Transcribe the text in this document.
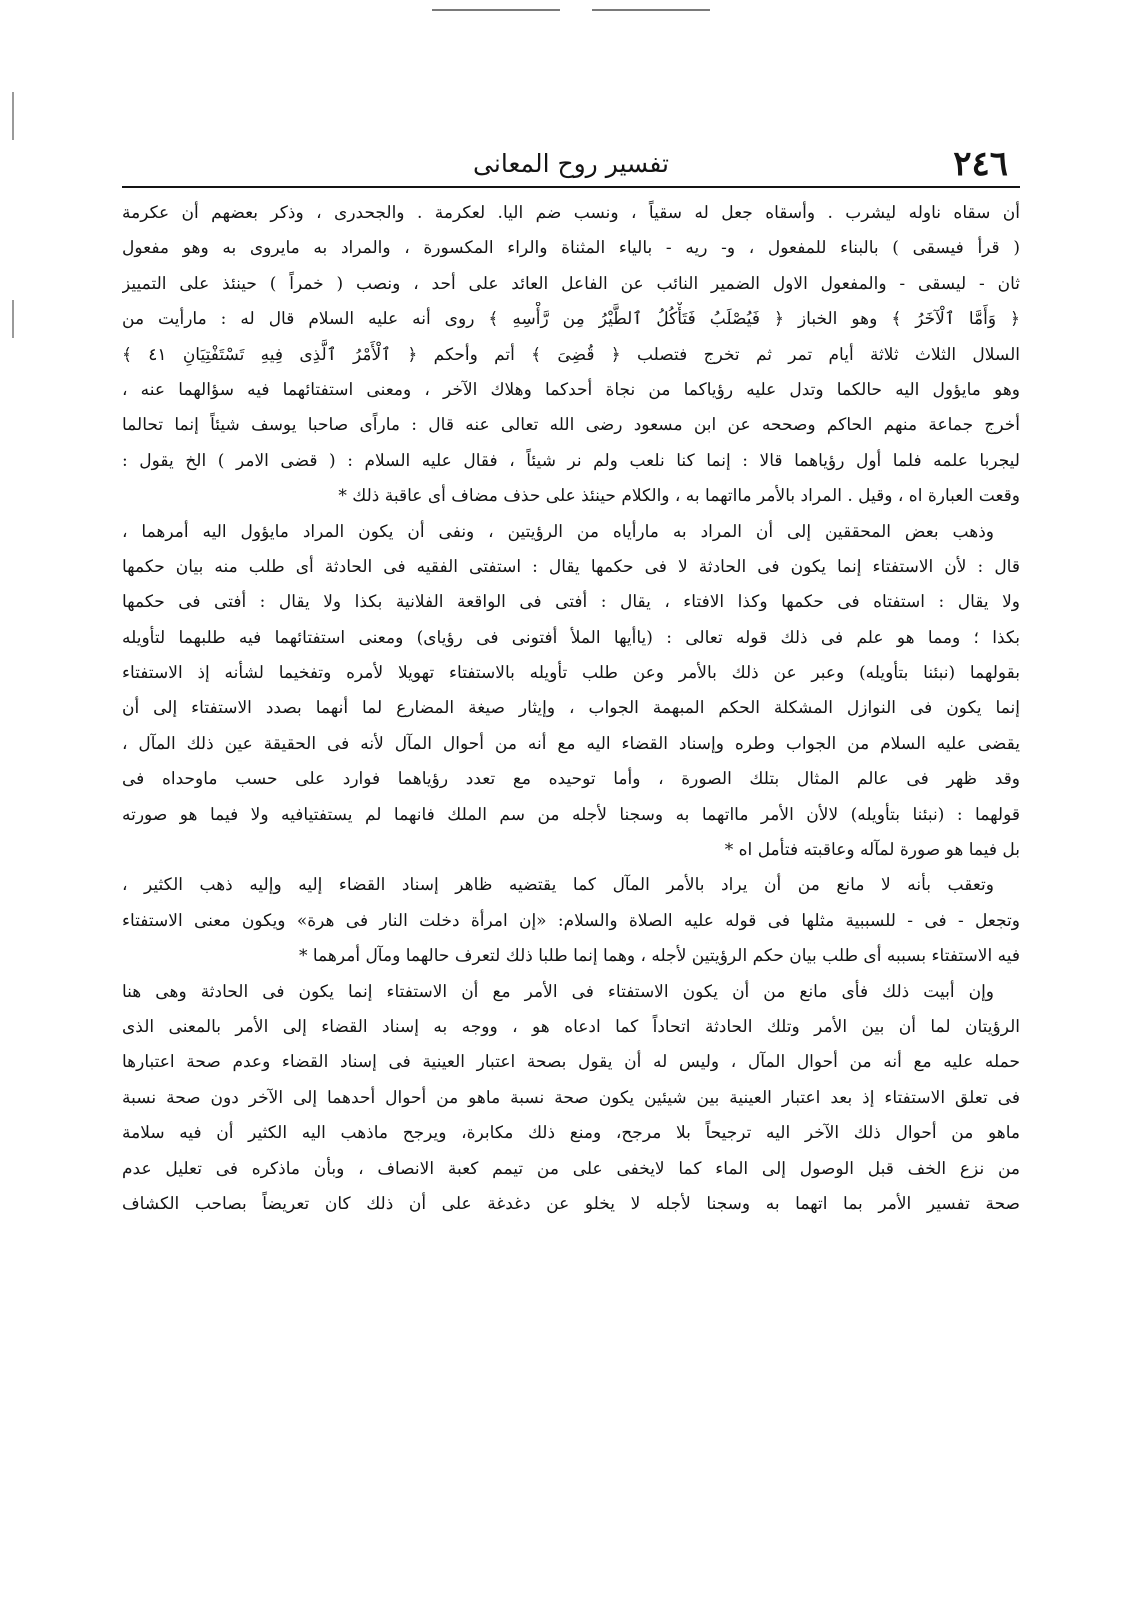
تفسير روح المعانى	٢٤٦
أن سقاه ناوله ليشرب . وأسقاه جعل له سقياً ، ونسب ضم اليا. لعكرمة . والجحدرى ، وذكر بعضهم أن عكرمة
( قرأ فيسقى ) بالبناء للمفعول ، و- ريه - بالياء المثناة والراء المكسورة ، والمراد به مايروى به وهو مفعول
ثان - ليسقى - والمفعول الاول الضمير النائب عن الفاعل العائد على أحد ، ونصب ( خمراً ) حينئذ على التمييز
﴿ وَأَمَّا ٱلْآخَرُ ﴾ وهو الخباز ﴿ فَيُصْلَبُ فَتَأْكُلُ ٱلطَّيْرُ مِن رَّأْسِهِ ﴾ روى أنه عليه السلام قال له : مارأيت من
السلال الثلاث ثلاثة أيام تمر ثم تخرج فتصلب ﴿ قُضِىَ ﴾ أتم وأحكم ﴿ ٱلْأَمْرُ ٱلَّذِى فِيهِ تَسْتَفْتِيَانِ ٤١ ﴾
وهو مايؤول اليه حالكما وتدل عليه رؤياكما من نجاة أحدكما وهلاك الآخر ، ومعنى استفتائهما فيه سؤالهما عنه ،
أخرج جماعة منهم الحاكم وصححه عن ابن مسعود رضى الله تعالى عنه قال : ماراًى صاحبا يوسف شيئاً إنما تحالما
ليجربا علمه فلما أول رؤياهما قالا : إنما كنا نلعب ولم نر شيئاً ، فقال عليه السلام : ( قضى الامر ) الخ يقول :
وقعت العبارة اه ، وقيل . المراد بالأمر مااتهما به ، والكلام حينئذ على حذف مضاف أى عاقبة ذلك *
وذهب بعض المحققين إلى أن المراد به مارأياه من الرؤيتين ، ونفى أن يكون المراد مايؤول اليه أمرهما ،
قال : لأن الاستفتاء إنما يكون فى الحادثة لا فى حكمها يقال : استفتى الفقيه فى الحادثة أى طلب منه بيان حكمها
ولا يقال : استفتاه فى حكمها وكذا الافتاء ، يقال : أفتى فى الواقعة الفلانية بكذا ولا يقال : أفتى فى حكمها
بكذا ؛ ومما هو علم فى ذلك قوله تعالى : (ياأيها الملأ أفتونى فى رؤياى) ومعنى استفتائهما فيه طلبهما لتأويله
بقولهما (نبئنا بتأويله) وعبر عن ذلك بالأمر وعن طلب تأويله بالاستفتاء تهويلا لأمره وتفخيما لشأنه إذ الاستفتاء
إنما يكون فى النوازل المشكلة الحكم المبهمة الجواب ، وإيثار صيغة المضارع لما أنهما بصدد الاستفتاء إلى أن
يقضى عليه السلام من الجواب وطره وإسناد القضاء اليه مع أنه من أحوال المآل لأنه فى الحقيقة عين ذلك المآل ،
وقد ظهر فى عالم المثال بتلك الصورة ، وأما توحيده مع تعدد رؤياهما فوارد على حسب ماوحداه فى
قولهما : (نبئنا بتأويله) لالأن الأمر مااتهما به وسجنا لأجله من سم الملك فانهما لم يستفتيافيه ولا فيما هو صورته
بل فيما هو صورة لمآله وعاقبته فتأمل اه *
وتعقب بأنه لا مانع من أن يراد بالأمر المآل كما يقتضيه ظاهر إسناد القضاء إليه وإليه ذهب الكثير ،
وتجعل - فى - للسببية مثلها فى قوله عليه الصلاة والسلام: «إن امرأة دخلت النار فى هرة» ويكون معنى الاستفتاء
فيه الاستفتاء بسببه أى طلب بيان حكم الرؤيتين لأجله ، وهما إنما طلبا ذلك لتعرف حالهما ومآل أمرهما *
وإن أبيت ذلك فأى مانع من أن يكون الاستفتاء فى الأمر مع أن الاستفتاء إنما يكون فى الحادثة وهى هنا
الرؤيتان لما أن بين الأمر وتلك الحادثة اتحاداً كما ادعاه هو ، ووجه به إسناد القضاء إلى الأمر بالمعنى الذى
حمله عليه مع أنه من أحوال المآل ، وليس له أن يقول بصحة اعتبار العينية فى إسناد القضاء وعدم صحة اعتبارها
فى تعلق الاستفتاء إذ بعد اعتبار العينية بين شيئين يكون صحة نسبة ماهو من أحوال أحدهما إلى الآخر دون صحة نسبة
ماهو من أحوال ذلك الآخر اليه ترجيحاً بلا مرجح، ومنع ذلك مكابرة، ويرجح ماذهب اليه الكثير أن فيه سلامة
من نزع الخف قبل الوصول إلى الماء كما لايخفى على من تيمم كعبة الانصاف ، وبأن ماذكره فى تعليل عدم
صحة تفسير الأمر بما اتهما به وسجنا لأجله لا يخلو عن دغدغة على أن ذلك كان تعريضاً بصاحب الكشاف
